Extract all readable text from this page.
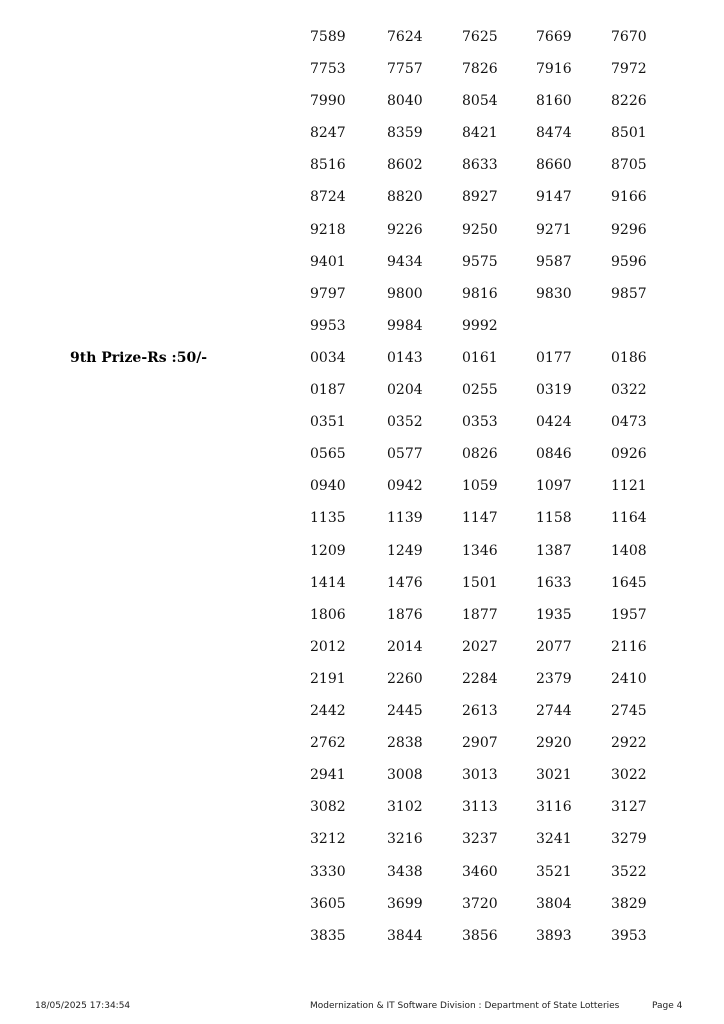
7589	7624	7625	7669	7670
7753	7757	7826	7916	7972
7990	8040	8054	8160	8226
8247	8359	8421	8474	8501
8516	8602	8633	8660	8705
8724	8820	8927	9147	9166
9218	9226	9250	9271	9296
9401	9434	9575	9587	9596
9797	9800	9816	9830	9857
9953	9984	9992
9th Prize-Rs :50/-	0034	0143	0161	0177	0186
0187	0204	0255	0319	0322
0351	0352	0353	0424	0473
0565	0577	0826	0846	0926
0940	0942	1059	1097	1121
1135	1139	1147	1158	1164
1209	1249	1346	1387	1408
1414	1476	1501	1633	1645
1806	1876	1877	1935	1957
2012	2014	2027	2077	2116
2191	2260	2284	2379	2410
2442	2445	2613	2744	2745
2762	2838	2907	2920	2922
2941	3008	3013	3021	3022
3082	3102	3113	3116	3127
3212	3216	3237	3241	3279
3330	3438	3460	3521	3522
3605	3699	3720	3804	3829
3835	3844	3856	3893	3953
18/05/2025 17:34:54	Modernization & IT Software Division : Department of State Lotteries	Page 4
